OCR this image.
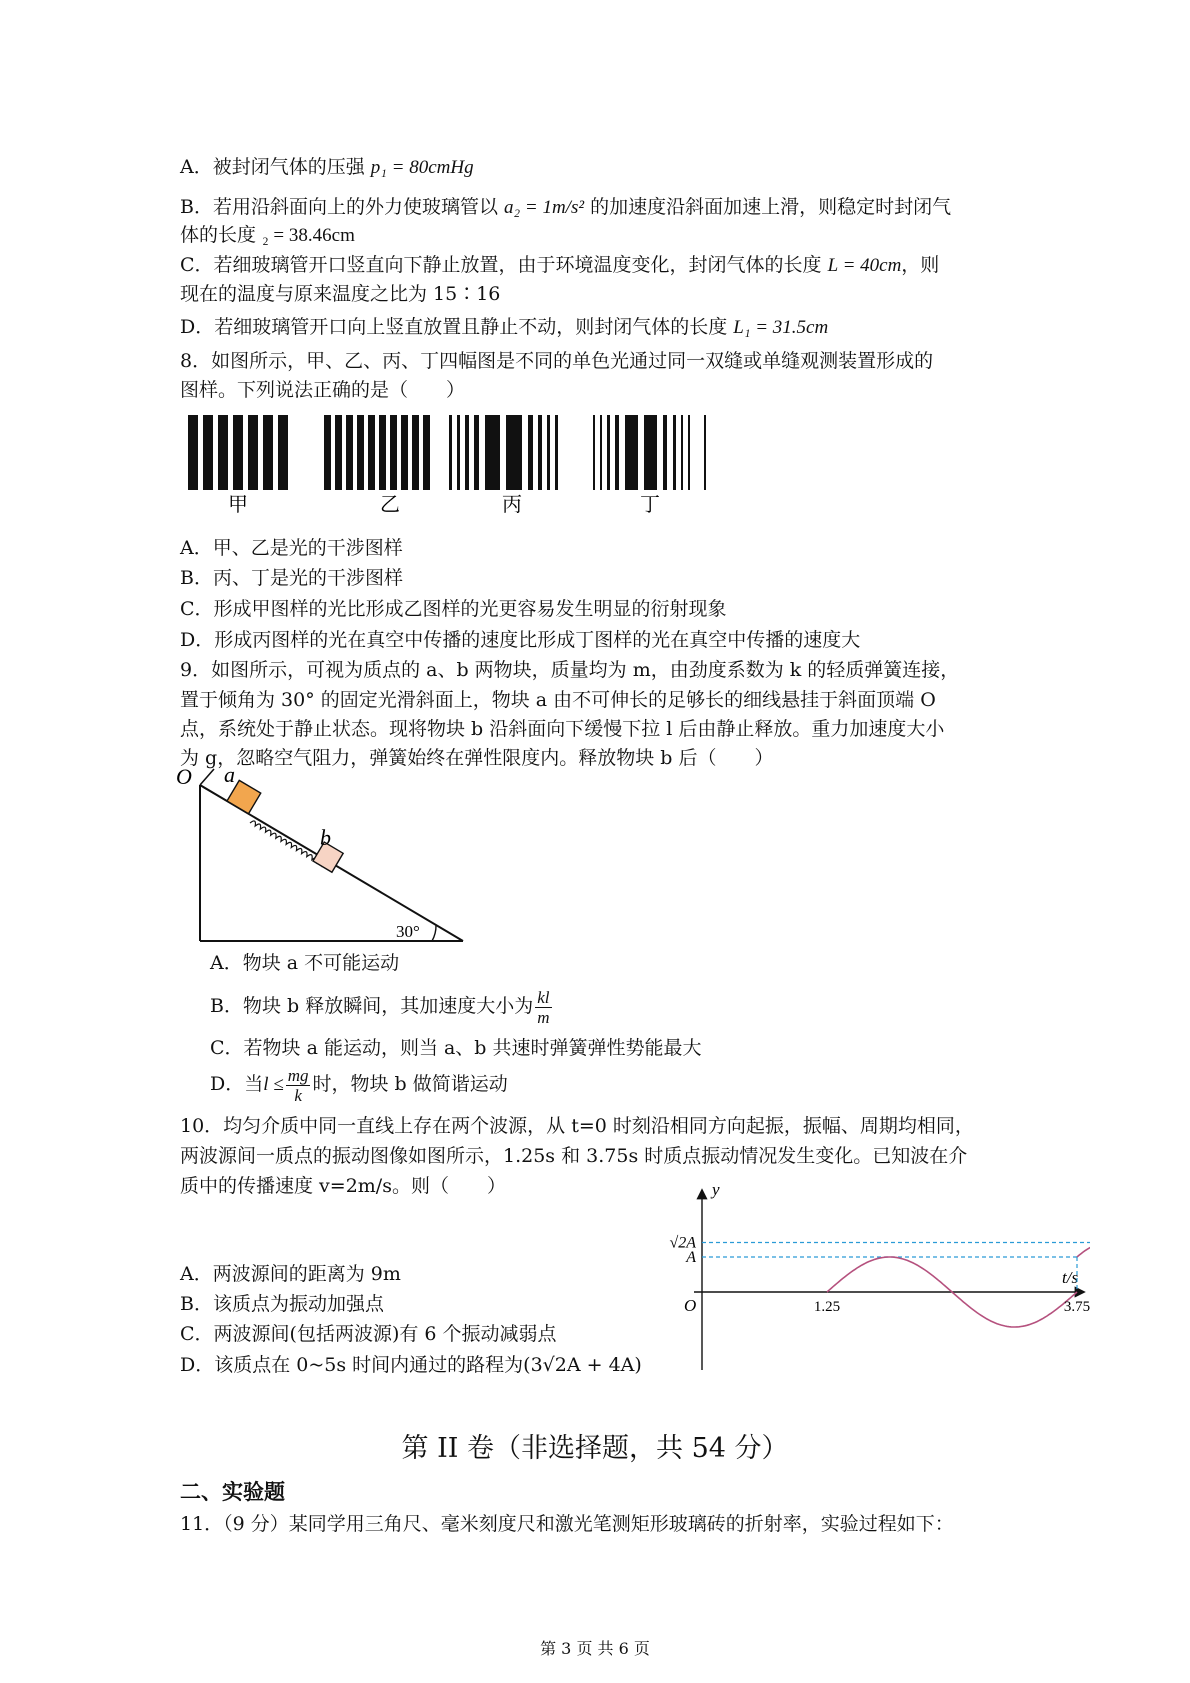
A．被封闭气体的压强 p₁ = 80cmHg
B．若用沿斜面向上的外力使玻璃管以 a₂ = 1m/s² 的加速度沿斜面加速上滑，则稳定时封闭气
体的长度 ₂ = 38.46cm
C．若细玻璃管开口竖直向下静止放置，由于环境温度变化，封闭气体的长度 L = 40cm，则
现在的温度与原来温度之比为 15∶16
D．若细玻璃管开口向上竖直放置且静止不动，则封闭气体的长度 L₁ = 31.5cm
8．如图所示，甲、乙、丙、丁四幅图是不同的单色光通过同一双缝或单缝观测装置形成的
图样。下列说法正确的是（　　）
甲	乙	丙	丁
A．甲、乙是光的干涉图样
B．丙、丁是光的干涉图样
C．形成甲图样的光比形成乙图样的光更容易发生明显的衍射现象
D．形成丙图样的光在真空中传播的速度比形成丁图样的光在真空中传播的速度大
9．如图所示，可视为质点的 a、b 两物块，质量均为 m，由劲度系数为 k 的轻质弹簧连接，
置于倾角为 30° 的固定光滑斜面上，物块 a 由不可伸长的足够长的细线悬挂于斜面顶端 O
点，系统处于静止状态。现将物块 b 沿斜面向下缓慢下拉 l 后由静止释放。重力加速度大小
为 g，忽略空气阻力，弹簧始终在弹性限度内。释放物块 b 后（　　）
O a
b
30°
A．物块 a 不可能运动
B．物块 b 释放瞬间，其加速度大小为 $\frac{kl}{m}$
C．若物块 a 能运动，则当 a、b 共速时弹簧弹性势能最大
D．当$l \le \frac{mg}{k}$ 时，物块 b 做简谐运动
10．均匀介质中同一直线上存在两个波源，从 t=0 时刻沿相同方向起振，振幅、周期均相同，
两波源间一质点的振动图像如图所示，1.25s 和 3.75s 时质点振动情况发生变化。已知波在介
质中的传播速度 v=2m/s。则（　　）
A．两波源间的距离为 9m
B．该质点为振动加强点
C．两波源间(包括两波源)有 6 个振动减弱点
D．该质点在 0~5s 时间内通过的路程为(3√2A + 4A)
y
t/s
O	1.25	3.75
A
√2A
第 II 卷（非选择题，共 54 分）
二、实验题
11．（9 分）某同学用三角尺、毫米刻度尺和激光笔测矩形玻璃砖的折射率，实验过程如下：
第 3 页 共 6 页
